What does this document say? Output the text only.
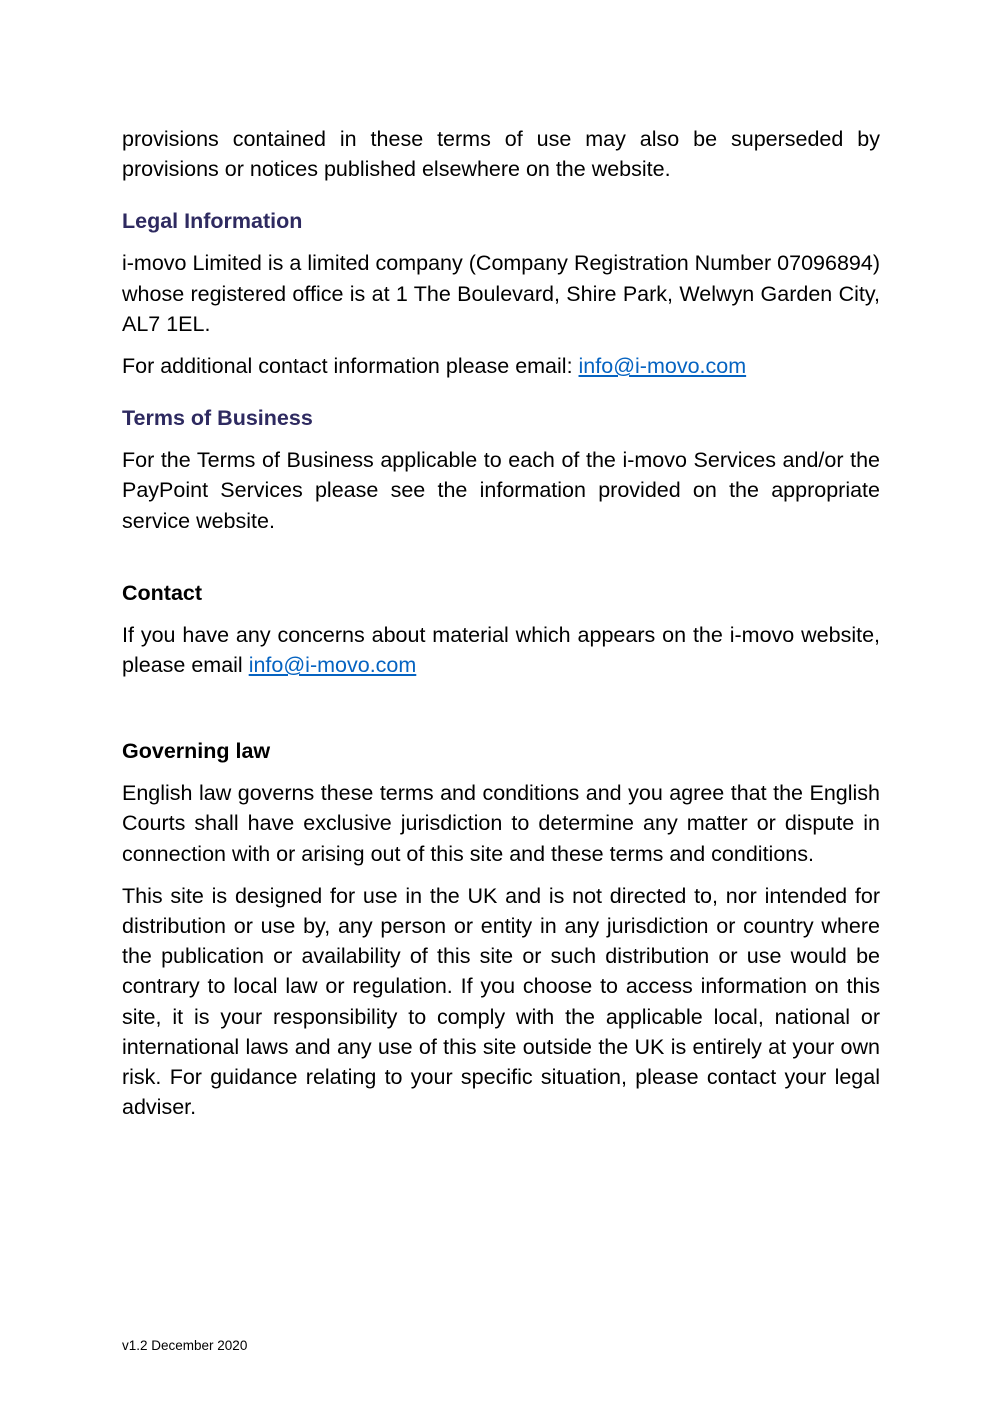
provisions contained in these terms of use may also be superseded by provisions or notices published elsewhere on the website.

Legal Information

i-movo Limited is a limited company (Company Registration Number 07096894) whose registered office is at 1 The Boulevard, Shire Park, Welwyn Garden City, AL7 1EL.

For additional contact information please email: info@i-movo.com

Terms of Business

For the Terms of Business applicable to each of the i-movo Services and/or the PayPoint Services please see the information provided on the appropriate service website.

Contact

If you have any concerns about material which appears on the i-movo website, please email info@i-movo.com

Governing law

English law governs these terms and conditions and you agree that the English Courts shall have exclusive jurisdiction to determine any matter or dispute in connection with or arising out of this site and these terms and conditions.

This site is designed for use in the UK and is not directed to, nor intended for distribution or use by, any person or entity in any jurisdiction or country where the publication or availability of this site or such distribution or use would be contrary to local law or regulation. If you choose to access information on this site, it is your responsibility to comply with the applicable local, national or international laws and any use of this site outside the UK is entirely at your own risk. For guidance relating to your specific situation, please contact your legal adviser.

v1.2 December 2020
